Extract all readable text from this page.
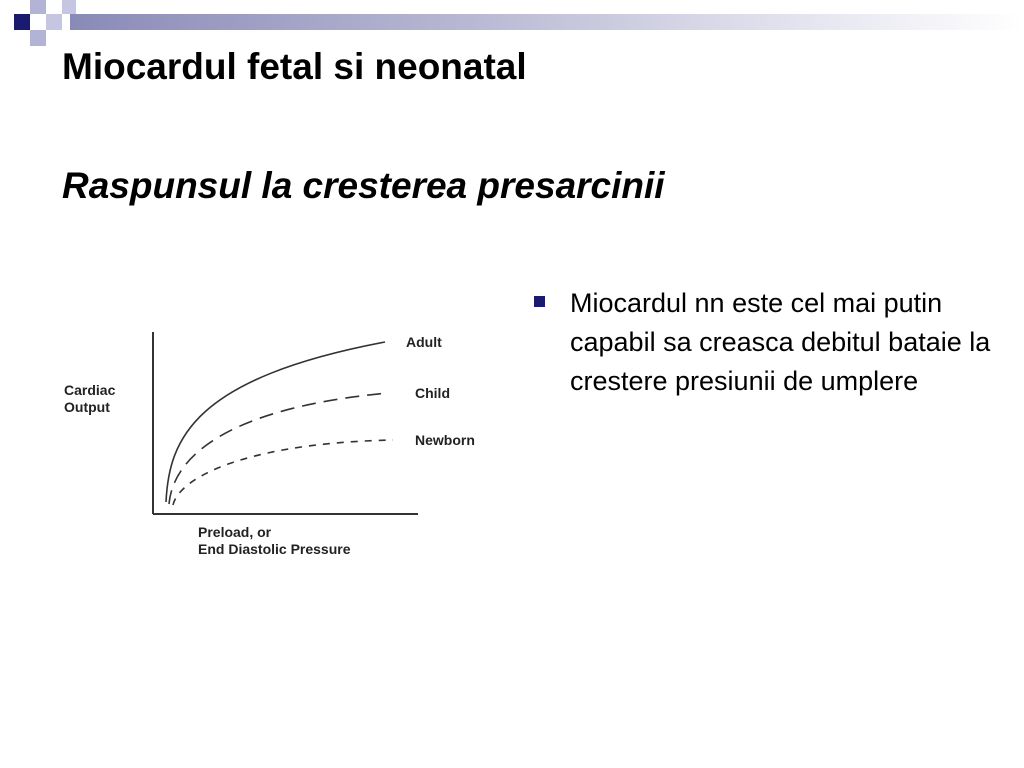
Miocardul fetal si neonatal
Raspunsul la cresterea presarcinii
Adult
Child
Newborn
Cardiac
Output
Preload, or
End Diastolic Pressure
Miocardul nn este cel mai putin capabil sa creasca debitul bataie la crestere presiunii de umplere
